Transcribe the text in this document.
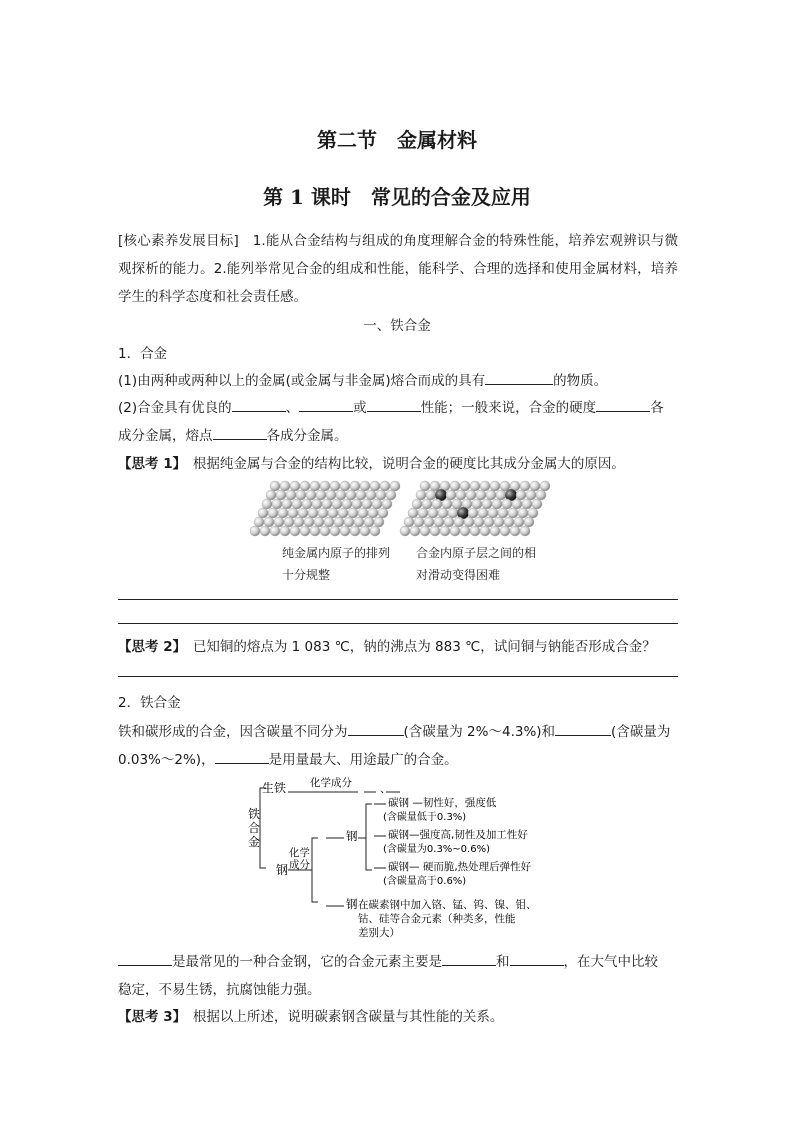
第二节　金属材料
第 1 课时　常见的合金及应用
[核心素养发展目标]　1.能从合金结构与组成的角度理解合金的特殊性能，培养宏观辨识与微观探析的能力。2.能列举常见合金的组成和性能，能科学、合理的选择和使用金属材料，培养学生的科学态度和社会责任感。
一、铁合金
1．合金
(1)由两种或两种以上的金属(或金属与非金属)熔合而成的具有	的物质。
(2)合金具有优良的	、	或	性能；一般来说，合金的硬度	各
成分金属，熔点	各成分金属。
【思考 1】　 根据纯金属与合金的结构比较，说明合金的硬度比其成分金属大的原因。
纯金属内原子的排列
十分规整
合金内原子层之间的相
对滑动变得困难
【思考 2】　 已知铜的熔点为 1 083 ℃，钠的沸点为 883 ℃，试问铜与钠能否形成合金？
2．铁合金
铁和碳形成的合金，因含碳量不同分为	(含碳量为 2%～4.3%)和	(含碳量为
0.03%～2%)，	是用量最大、用途最广的合金。
铁
合
金
生铁 化学成分	、
钢
化学
成分
钢
碳钢 —韧性好，强度低
(含碳量低于0.3%)
碳钢—强度高,韧性及加工性好
(含碳量为0.3%~0.6%)
碳钢— 硬而脆,热处理后弹性好
(含碳量高于0.6%)
钢 在碳素钢中加入铬、锰、钨、镍、钼、
钴、硅等合金元素（种类多，性能
差别大）
是最常见的一种合金钢，它的合金元素主要是	和	，在大气中比较
稳定，不易生锈，抗腐蚀能力强。
【思考 3】　 根据以上所述，说明碳素钢含碳量与其性能的关系。
